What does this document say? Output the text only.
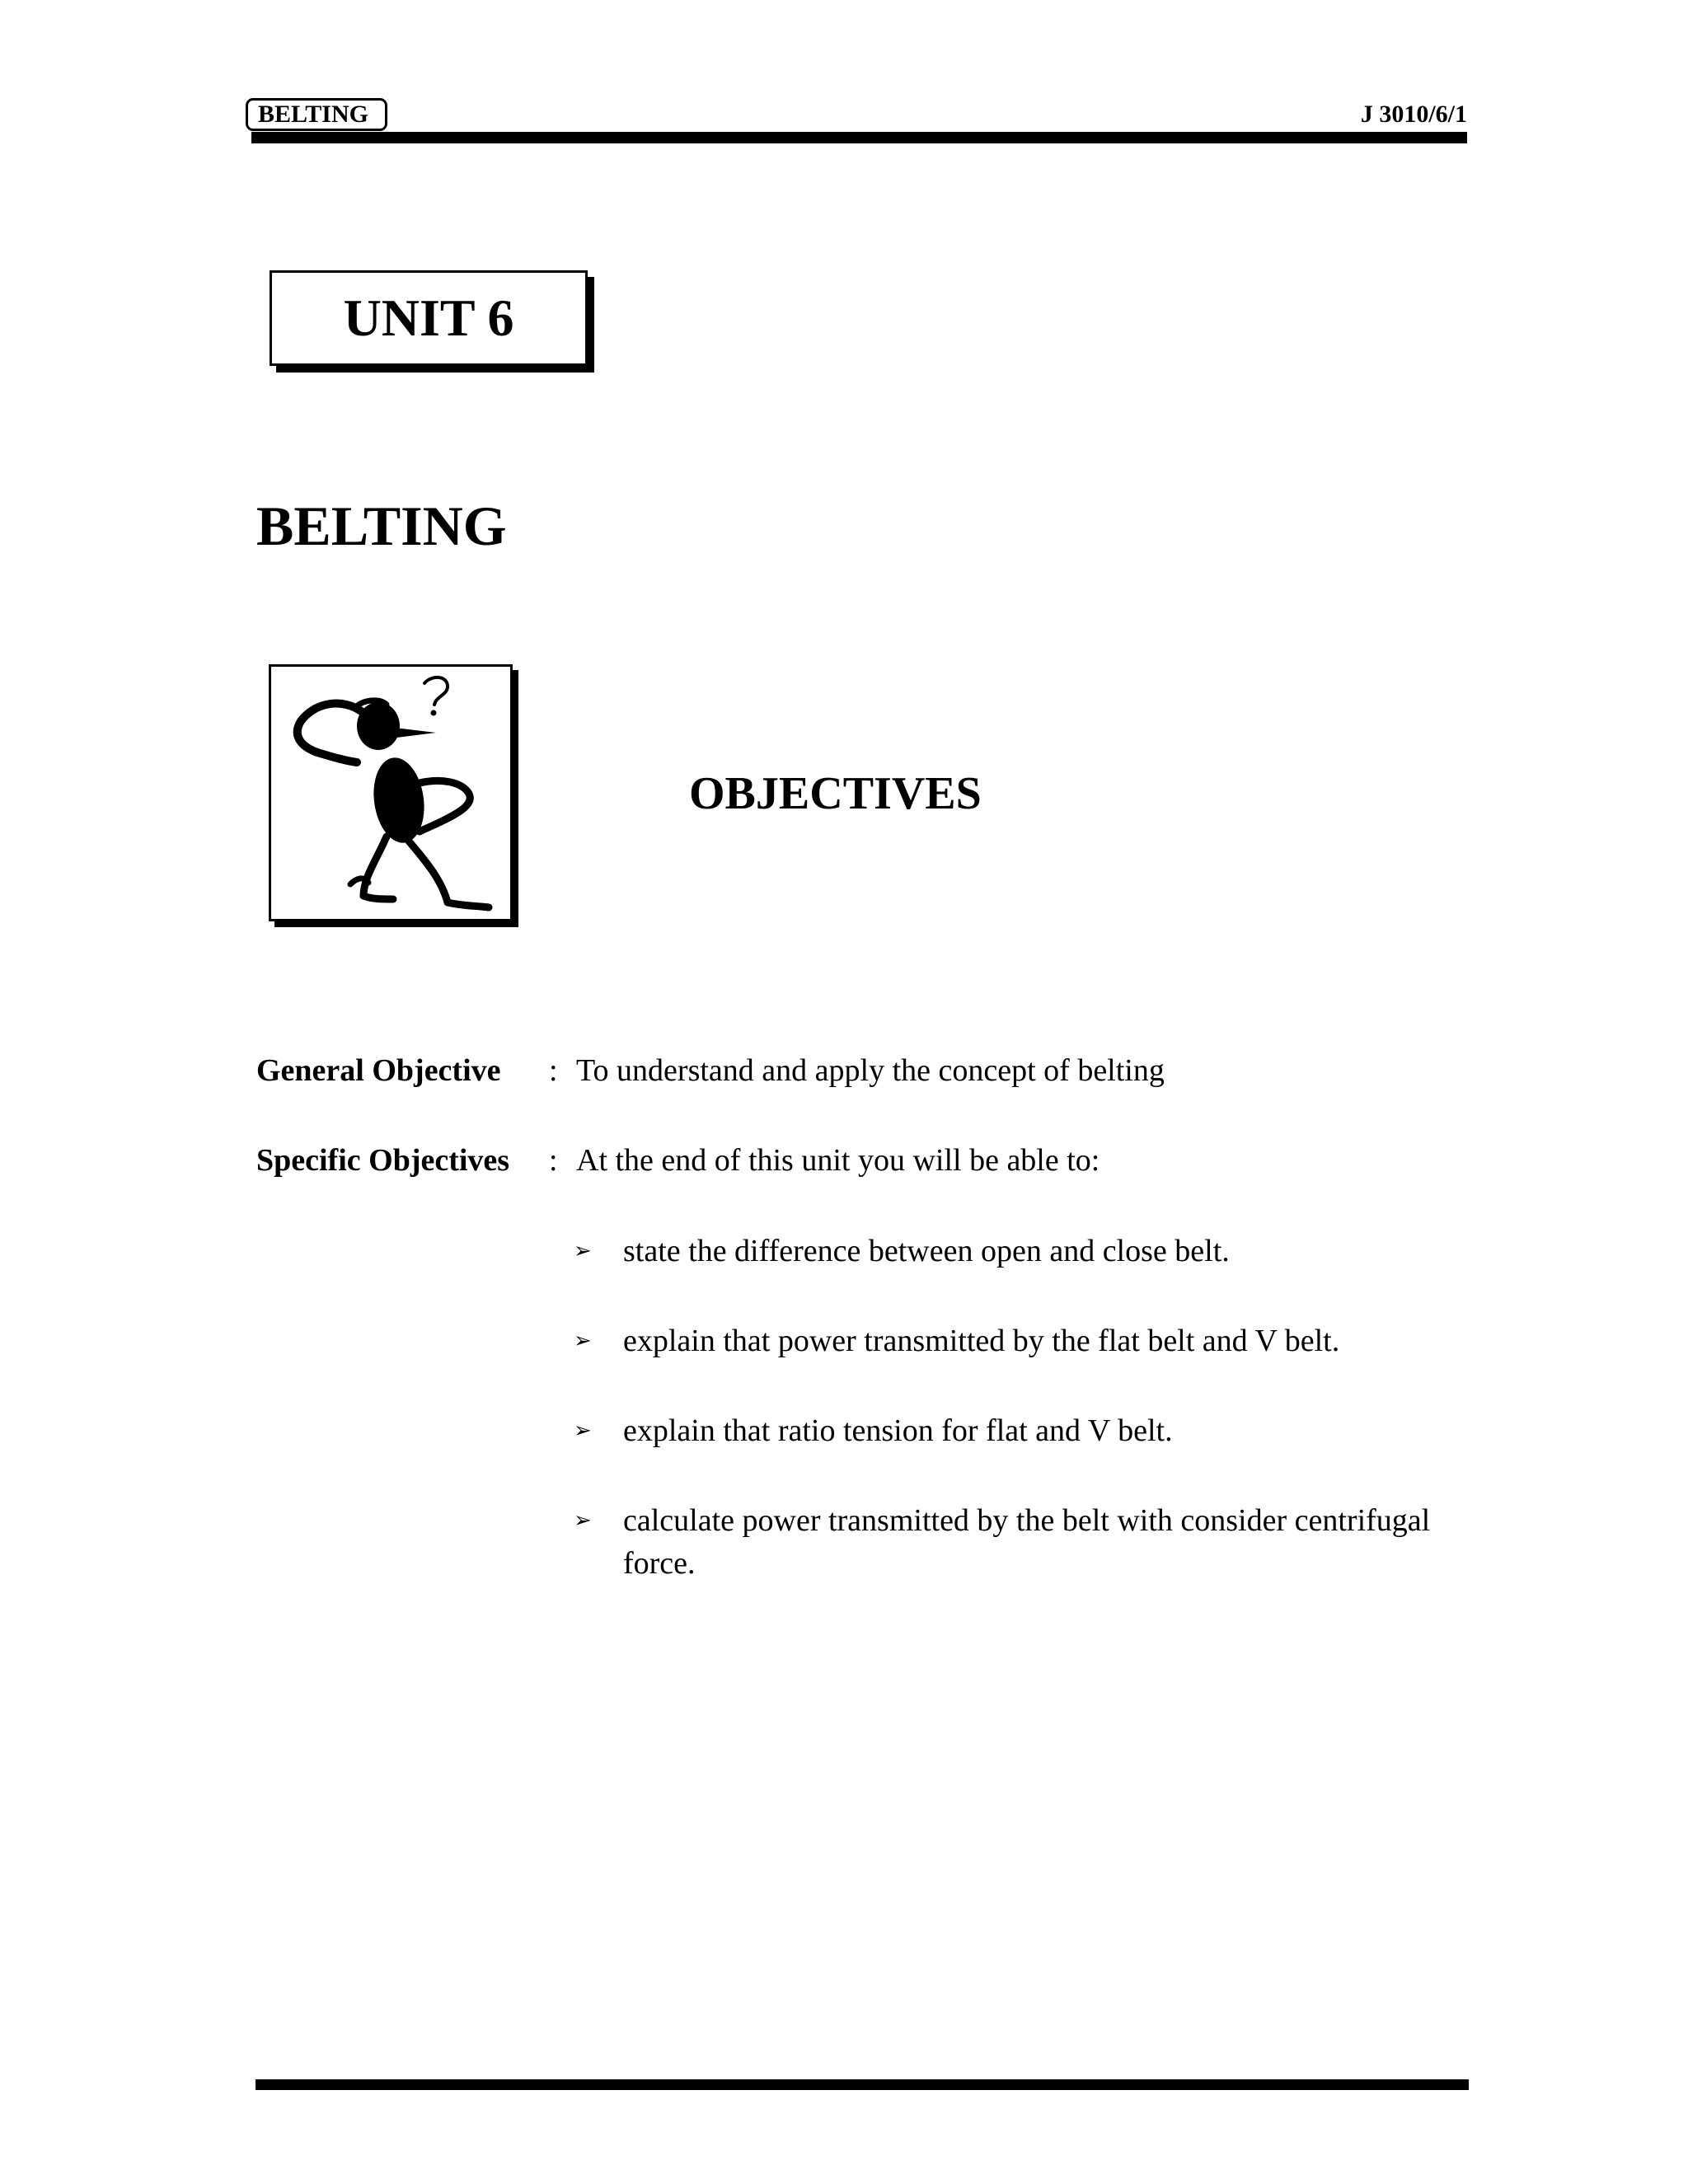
BELTING	J 3010/6/1
UNIT 6
BELTING
OBJECTIVES
General Objective : To understand and apply the concept of belting
Specific Objectives : At the end of this unit you will be able to:
➢ state the difference between open and close belt.
➢ explain that power transmitted by the flat belt and V belt.
➢ explain that ratio tension for flat and V belt.
➢ calculate power transmitted by the belt with consider centrifugal force.
